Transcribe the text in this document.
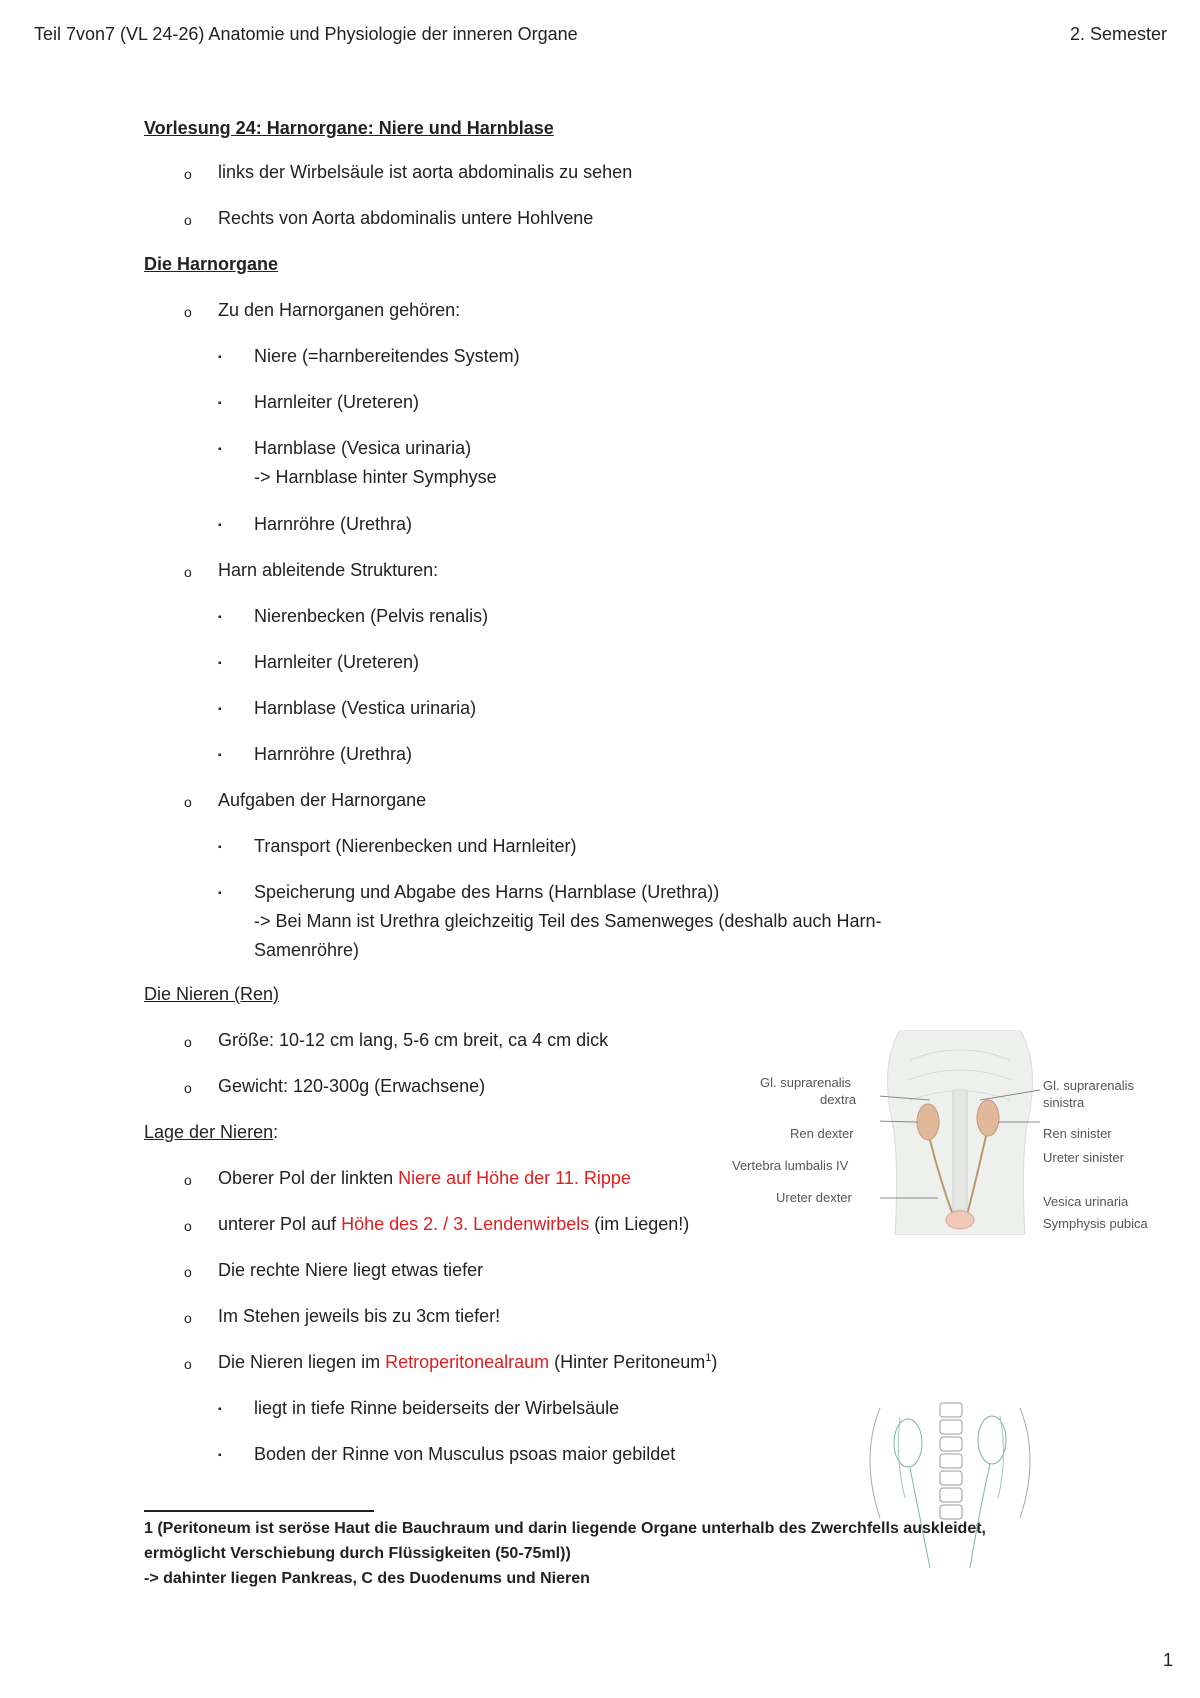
Teil 7von7 (VL 24-26) Anatomie und Physiologie der inneren Organe	2. Semester
Vorlesung 24: Harnorgane: Niere und Harnblase
o links der Wirbelsäule ist aorta abdominalis zu sehen
o Rechts von Aorta abdominalis untere Hohlvene
Die Harnorgane
o Zu den Harnorganen gehören:
▪ Niere (=harnbereitendes System)
▪ Harnleiter (Ureteren)
▪ Harnblase (Vesica urinaria)
-> Harnblase hinter Symphyse
▪ Harnröhre (Urethra)
o Harn ableitende Strukturen:
▪ Nierenbecken (Pelvis renalis)
▪ Harnleiter (Ureteren)
▪ Harnblase (Vestica urinaria)
▪ Harnröhre (Urethra)
o Aufgaben der Harnorgane
▪ Transport (Nierenbecken und Harnleiter)
▪ Speicherung und Abgabe des Harns (Harnblase (Urethra))
-> Bei Mann ist Urethra gleichzeitig Teil des Samenweges (deshalb auch Harn-
Samenröhre)
Die Nieren (Ren)
o Größe: 10-12 cm lang, 5-6 cm breit, ca 4 cm dick
o Gewicht: 120-300g (Erwachsene)
Lage der Nieren:
o Oberer Pol der linkten Niere auf Höhe der 11. Rippe
o unterer Pol auf Höhe des 2. / 3. Lendenwirbels (im Liegen!)
o Die rechte Niere liegt etwas tiefer
o Im Stehen jeweils bis zu 3cm tiefer!
o Die Nieren liegen im Retroperitonealraum (Hinter Peritoneum$^1$)
▪ liegt in tiefe Rinne beiderseits der Wirbelsäule
▪ Boden der Rinne von Musculus psoas maior gebildet
1 (Peritoneum ist seröse Haut die Bauchraum und darin liegende Organe unterhalb des Zwerchfells auskleidet,
ermöglicht Verschiebung durch Flüssigkeiten (50-75ml))
-> dahinter liegen Pankreas, C des Duodenums und Nieren
1
Gl. suprarenalis
dextra
Ren dexter
Vertebra lumbalis IV
Ureter dexter
Gl. suprarenalis
sinistra
Ren sinister
Ureter sinister
Vesica urinaria
Symphysis pubica
